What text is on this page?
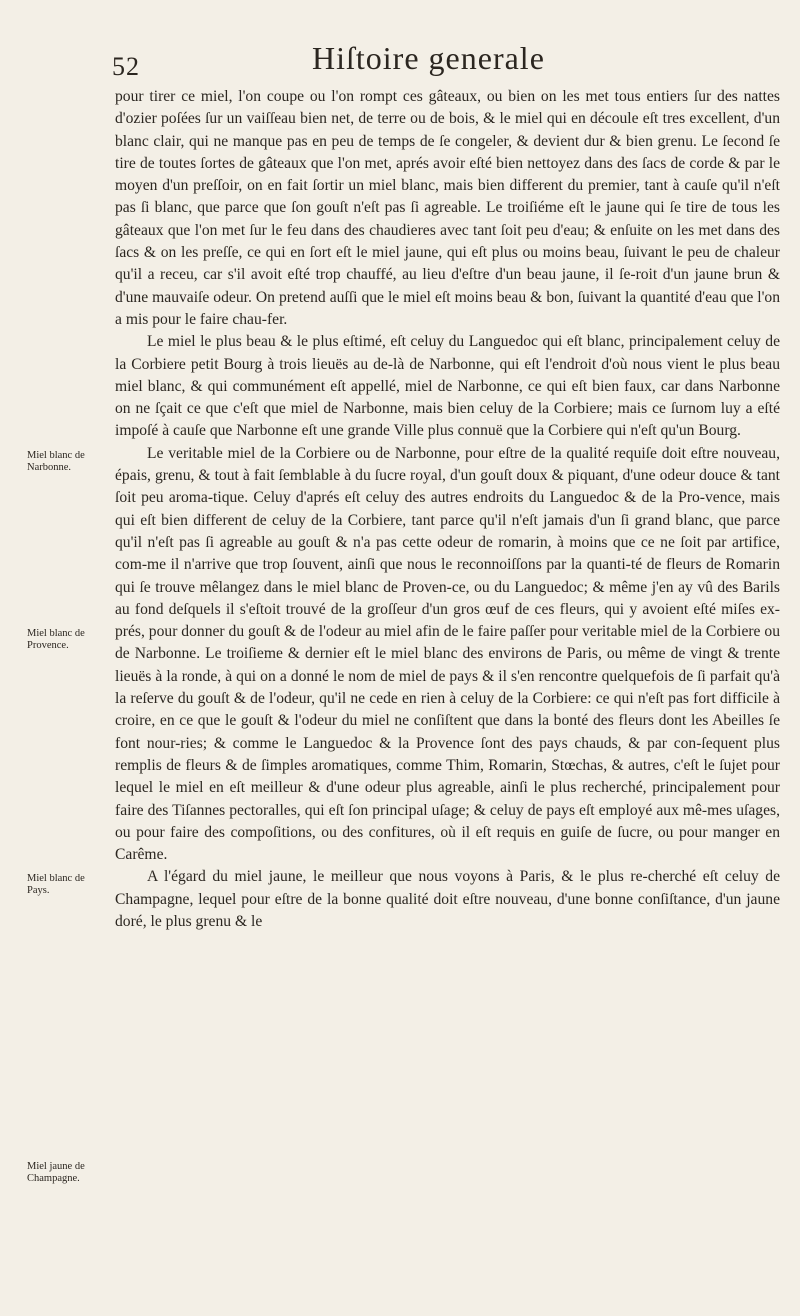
52	Hiſtoire generale
Miel blanc de Narbonne.
Miel blanc de Provence.
Miel blanc de Pays.
Miel jaune de Champagne.

pour tirer ce miel, l'on coupe ou l'on rompt ces gâteaux, ou bien on les met tous entiers ſur des nattes d'ozier poſées ſur un vaiſſeau bien net, de terre ou de bois, & le miel qui en découle eſt tres excellent, d'un blanc clair, qui ne manque pas en peu de temps de ſe congeler, & devient dur & bien grenu. Le ſecond ſe tire de toutes ſortes de gâteaux que l'on met, aprés avoir eſté bien nettoyez dans des ſacs de corde & par le moyen d'un preſſoir, on en fait ſortir un miel blanc, mais bien different du premier, tant à cauſe qu'il n'eſt pas ſi blanc, que parce que ſon gouſt n'eſt pas ſi agreable. Le troiſiéme eſt le jaune qui ſe tire de tous les gâteaux que l'on met ſur le feu dans des chaudieres avec tant ſoit peu d'eau; & enſuite on les met dans des ſacs & on les preſſe, ce qui en ſort eſt le miel jaune, qui eſt plus ou moins beau, ſuivant le peu de chaleur qu'il a receu, car s'il avoit eſté trop chauffé, au lieu d'eſtre d'un beau jaune, il ſe-roit d'un jaune brun & d'une mauvaiſe odeur. On pretend auſſi que le miel eſt moins beau & bon, ſuivant la quantité d'eau que l'on a mis pour le faire chau-fer.

Le miel le plus beau & le plus eſtimé, eſt celuy du Languedoc qui eſt blanc, principalement celuy de la Corbiere petit Bourg à trois lieuës au de-là de Narbonne, qui eſt l'endroit d'où nous vient le plus beau miel blanc, & qui communément eſt appellé, miel de Narbonne, ce qui eſt bien faux, car dans Narbonne on ne ſçait ce que c'eſt que miel de Narbonne, mais bien celuy de la Corbiere; mais ce ſurnom luy a eſté impoſé à cauſe que Narbonne eſt une grande Ville plus connuë que la Corbiere qui n'eſt qu'un Bourg.

Le veritable miel de la Corbiere ou de Narbonne, pour eſtre de la qualité requiſe doit eſtre nouveau, épais, grenu, & tout à fait ſemblable à du ſucre royal, d'un gouſt doux & piquant, d'une odeur douce & tant ſoit peu aroma-tique. Celuy d'aprés eſt celuy des autres endroits du Languedoc & de la Pro-vence, mais qui eſt bien different de celuy de la Corbiere, tant parce qu'il n'eſt jamais d'un ſi grand blanc, que parce qu'il n'eſt pas ſi agreable au gouſt & n'a pas cette odeur de romarin, à moins que ce ne ſoit par artifice, com-me il n'arrive que trop ſouvent, ainſi que nous le reconnoiſſons par la quanti-té de fleurs de Romarin qui ſe trouve mêlangez dans le miel blanc de Proven-ce, ou du Languedoc; & même j'en ay vû des Barils au fond deſquels il s'eſtoit trouvé de la groſſeur d'un gros œuf de ces fleurs, qui y avoient eſté miſes ex-prés, pour donner du gouſt & de l'odeur au miel afin de le faire paſſer pour veritable miel de la Corbiere ou de Narbonne. Le troiſieme & dernier eſt le miel blanc des environs de Paris, ou même de vingt & trente lieuës à la ronde, à qui on a donné le nom de miel de pays & il s'en rencontre quelquefois de ſi parfait qu'à la reſerve du gouſt & de l'odeur, qu'il ne cede en rien à celuy de la Corbiere: ce qui n'eſt pas fort difficile à croire, en ce que le gouſt & l'odeur du miel ne conſiſtent que dans la bonté des fleurs dont les Abeilles ſe font nour-ries; & comme le Languedoc & la Provence ſont des pays chauds, & par con-ſequent plus remplis de fleurs & de ſimples aromatiques, comme Thim, Romarin, Stœchas, & autres, c'eſt le ſujet pour lequel le miel en eſt meilleur & d'une odeur plus agreable, ainſi le plus recherché, principalement pour faire des Tiſannes pectoralles, qui eſt ſon principal uſage; & celuy de pays eſt employé aux mê-mes uſages, ou pour faire des compoſitions, ou des confitures, où il eſt requis en guiſe de ſucre, ou pour manger en Carême.

A l'égard du miel jaune, le meilleur que nous voyons à Paris, & le plus re-cherché eſt celuy de Champagne, lequel pour eſtre de la bonne qualité doit eſtre nouveau, d'une bonne conſiſtance, d'un jaune doré, le plus grenu & le
